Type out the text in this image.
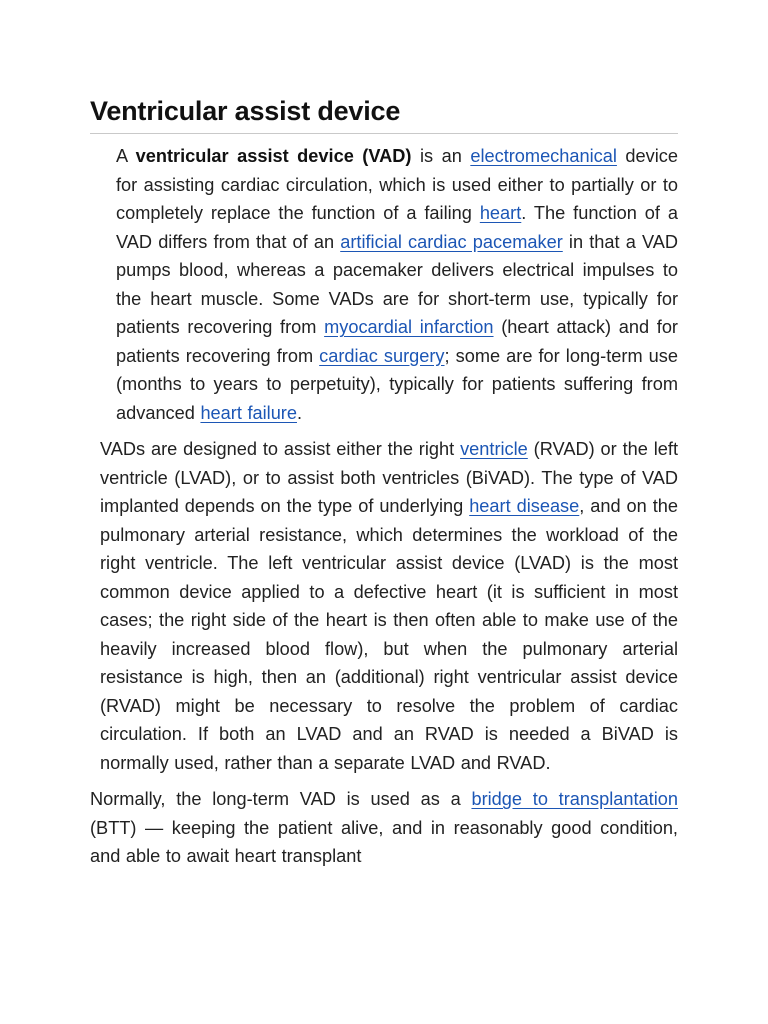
Ventricular assist device

A ventricular assist device (VAD) is an electromechanical device for assisting cardiac circulation, which is used either to partially or to completely replace the function of a failing heart. The function of a VAD differs from that of an artificial cardiac pacemaker in that a VAD pumps blood, whereas a pacemaker delivers electrical impulses to the heart muscle. Some VADs are for short-term use, typically for patients recovering from myocardial infarction (heart attack) and for patients recovering from cardiac surgery; some are for long-term use (months to years to perpetuity), typically for patients suffering from advanced heart failure.

VADs are designed to assist either the right ventricle (RVAD) or the left ventricle (LVAD), or to assist both ventricles (BiVAD). The type of VAD implanted depends on the type of underlying heart disease, and on the pulmonary arterial resistance, which determines the workload of the right ventricle. The left ventricular assist device (LVAD) is the most common device applied to a defective heart (it is sufficient in most cases; the right side of the heart is then often able to make use of the heavily increased blood flow), but when the pulmonary arterial resistance is high, then an (additional) right ventricular assist device (RVAD) might be necessary to resolve the problem of cardiac circulation. If both an LVAD and an RVAD is needed a BiVAD is normally used, rather than a separate LVAD and RVAD.

Normally, the long-term VAD is used as a bridge to transplantation (BTT) — keeping the patient alive, and in reasonably good condition, and able to await heart transplant
